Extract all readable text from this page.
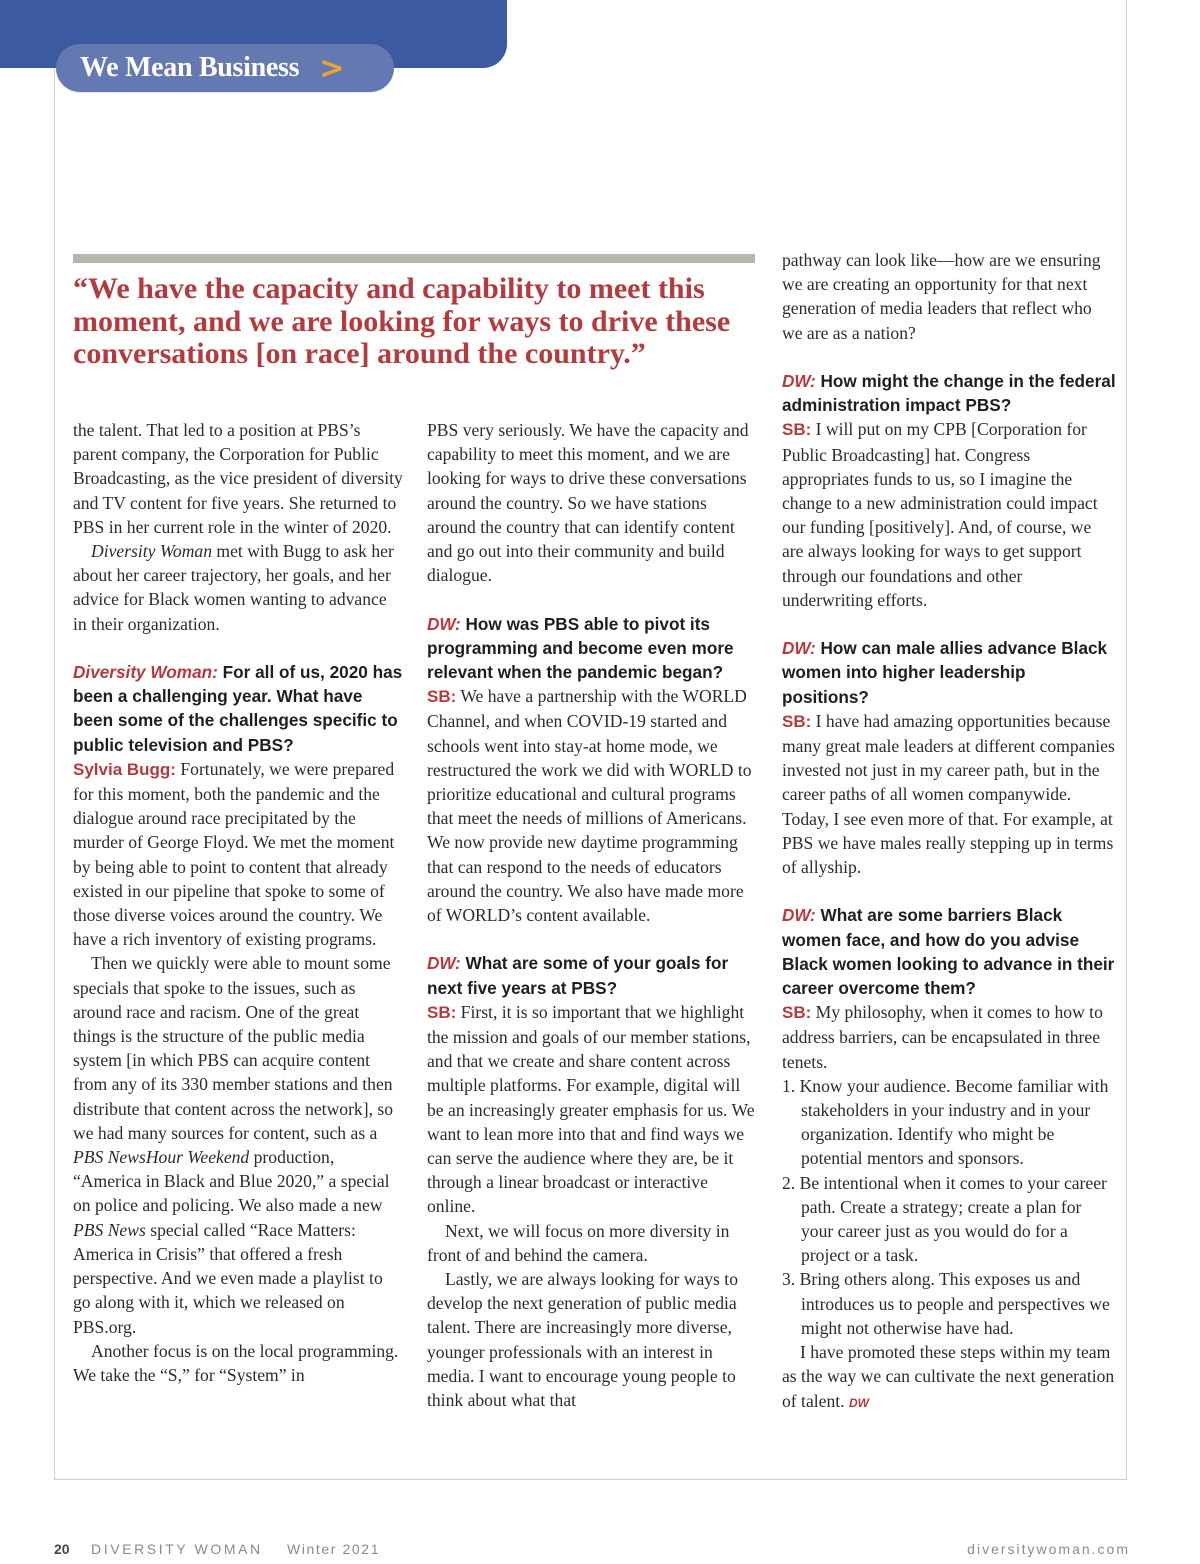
We Mean Business >

“We have the capacity and capability to meet this moment, and we are looking for ways to drive these conversations [on race] around the country.”

the talent. That led to a position at PBS’s parent company, the Corporation for Public Broadcasting, as the vice president of diversity and TV content for five years. She returned to PBS in her current role in the winter of 2020.

Diversity Woman met with Bugg to ask her about her career trajectory, her goals, and her advice for Black women wanting to advance in their organization.

Diversity Woman: For all of us, 2020 has been a challenging year. What have been some of the challenges specific to public television and PBS?

Sylvia Bugg: Fortunately, we were prepared for this moment, both the pandemic and the dialogue around race precipitated by the murder of George Floyd. We met the moment by being able to point to content that already existed in our pipeline that spoke to some of those diverse voices around the country. We have a rich inventory of existing programs.

Then we quickly were able to mount some specials that spoke to the issues, such as around race and racism. One of the great things is the structure of the public media system [in which PBS can acquire content from any of its 330 member stations and then distribute that content across the network], so we had many sources for content, such as a PBS NewsHour Weekend production, “America in Black and Blue 2020,” a special on police and policing. We also made a new PBS News special called “Race Matters: America in Crisis” that offered a fresh perspective. And we even made a playlist to go along with it, which we released on PBS.org.

Another focus is on the local programming. We take the “S,” for “System” in

PBS very seriously. We have the capacity and capability to meet this moment, and we are looking for ways to drive these conversations around the country. So we have stations around the country that can identify content and go out into their community and build dialogue.

DW: How was PBS able to pivot its programming and become even more relevant when the pandemic began?

SB: We have a partnership with the WORLD Channel, and when COVID-19 started and schools went into stay-at home mode, we restructured the work we did with WORLD to prioritize educational and cultural programs that meet the needs of millions of Americans. We now provide new daytime programming that can respond to the needs of educators around the country. We also have made more of WORLD’s content available.

DW: What are some of your goals for next five years at PBS?

SB: First, it is so important that we highlight the mission and goals of our member stations, and that we create and share content across multiple platforms. For example, digital will be an increasingly greater emphasis for us. We want to lean more into that and find ways we can serve the audience where they are, be it through a linear broadcast or interactive online.

Next, we will focus on more diversity in front of and behind the camera.

Lastly, we are always looking for ways to develop the next generation of public media talent. There are increasingly more diverse, younger professionals with an interest in media. I want to encourage young people to think about what that

pathway can look like—how are we ensuring we are creating an opportunity for that next generation of media leaders that reflect who we are as a nation?

DW: How might the change in the federal administration impact PBS?

SB: I will put on my CPB [Corporation for Public Broadcasting] hat. Congress appropriates funds to us, so I imagine the change to a new administration could impact our funding [positively]. And, of course, we are always looking for ways to get support through our foundations and other underwriting efforts.

DW: How can male allies advance Black women into higher leadership positions?

SB: I have had amazing opportunities because many great male leaders at different companies invested not just in my career path, but in the career paths of all women companywide. Today, I see even more of that. For example, at PBS we have males really stepping up in terms of allyship.

DW: What are some barriers Black women face, and how do you advise Black women looking to advance in their career overcome them?

SB: My philosophy, when it comes to how to address barriers, can be encapsulated in three tenets.

1. Know your audience. Become familiar with stakeholders in your industry and in your organization. Identify who might be potential mentors and sponsors.
2. Be intentional when it comes to your career path. Create a strategy; create a plan for your career just as you would do for a project or a task.
3. Bring others along. This exposes us and introduces us to people and perspectives we might not otherwise have had.

I have promoted these steps within my team as the way we can cultivate the next generation of talent. DW

20 DIVERSITY WOMAN Winter 2021	diversitywoman.com
